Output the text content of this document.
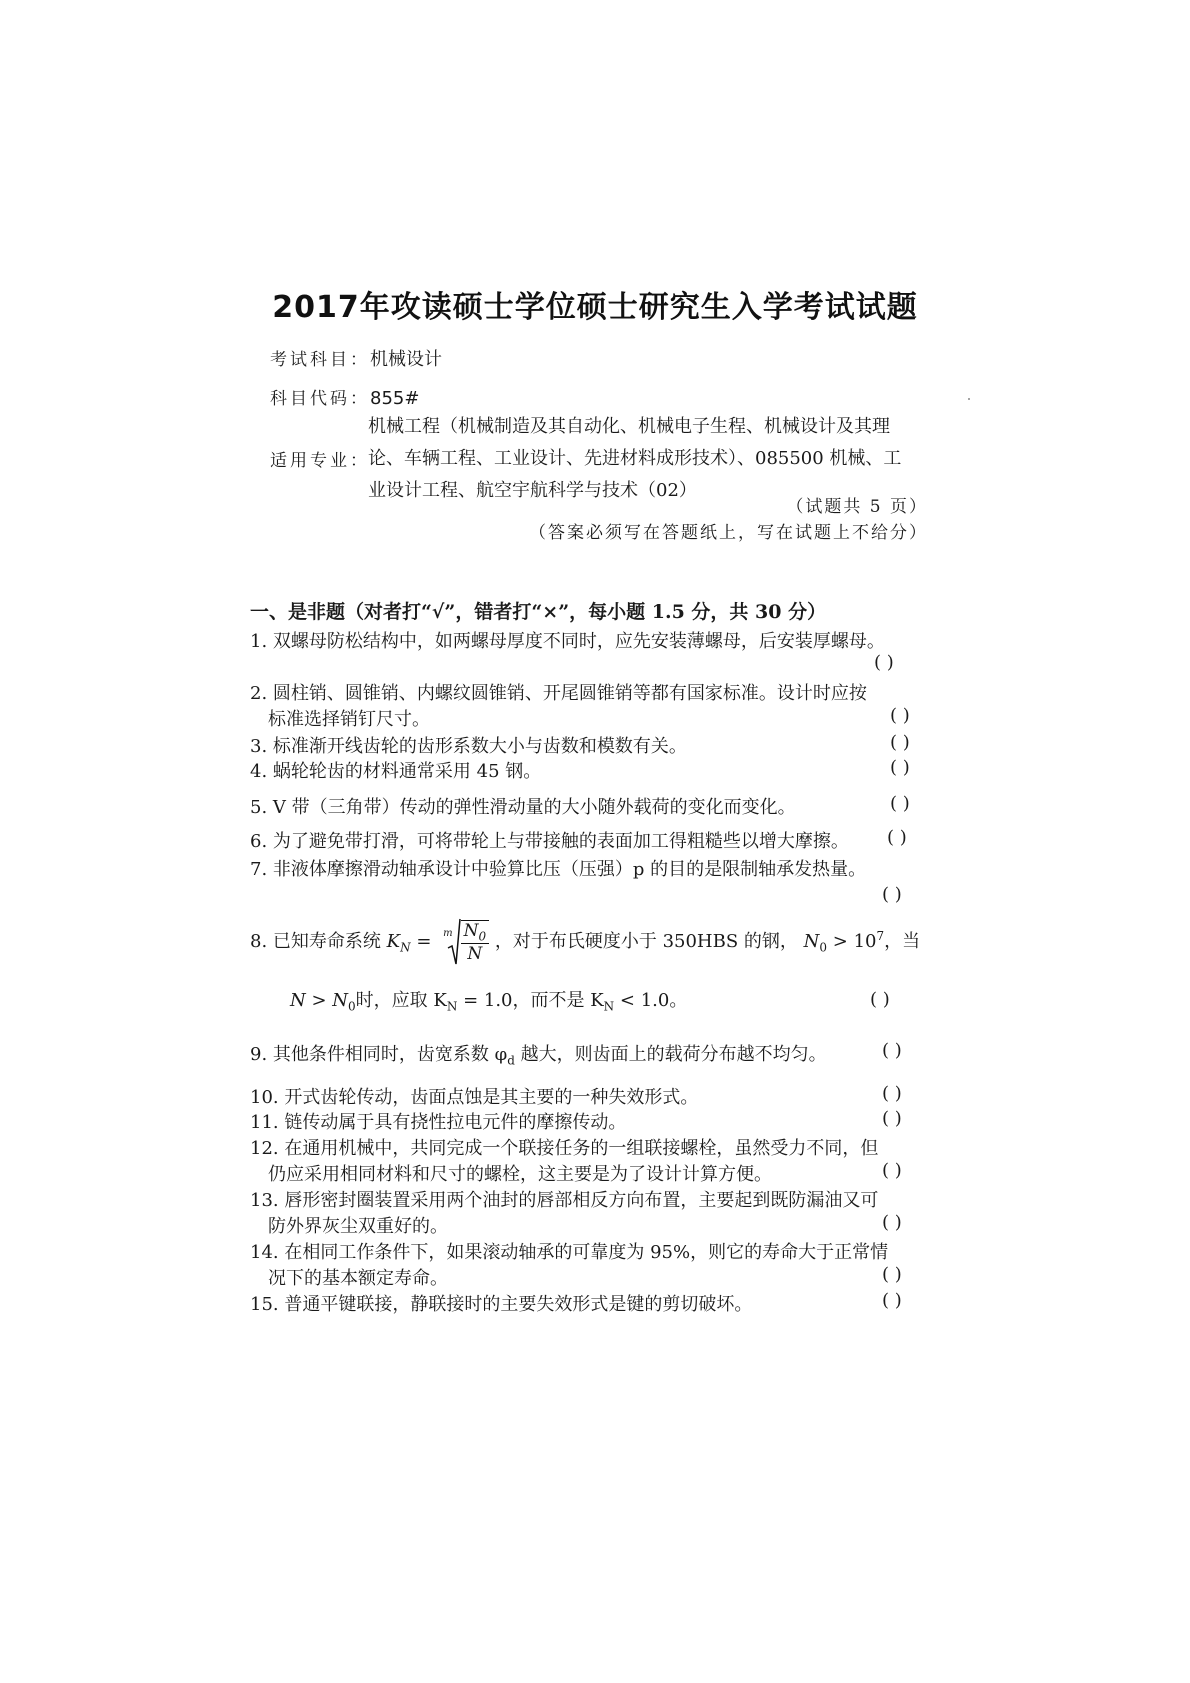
2017年攻读硕士学位硕士研究生入学考试试题
考试科目：机械设计
科目代码：855#
适用专业：
机械工程（机械制造及其自动化、机械电子生程、机械设计及其理
论、车辆工程、工业设计、先进材料成形技术）、085500 机械、工
业设计工程、航空宇航科学与技术（02）
（试题共 5 页）
（答案必须写在答题纸上，写在试题上不给分）
一、是非题（对者打“√”，错者打“×”，每小题 1.5 分，共 30 分）
1. 双螺母防松结构中，如两螺母厚度不同时，应先安装薄螺母，后安装厚螺母。
( )
2. 圆柱销、圆锥销、内螺纹圆锥销、开尾圆锥销等都有国家标准。设计时应按
标准选择销钉尺寸。	( )
3. 标准渐开线齿轮的齿形系数大小与齿数和模数有关。	( )
4. 蜗轮轮齿的材料通常采用 45 钢。	( )
5. V 带（三角带）传动的弹性滑动量的大小随外载荷的变化而变化。	( )
6. 为了避免带打滑，可将带轮上与带接触的表面加工得粗糙些以增大摩擦。 ( )
7. 非液体摩擦滑动轴承设计中验算比压（压强）p 的目的是限制轴承发热量。
( )
8. 已知寿命系统 $K_N = ^m \frac{N_0}{N}$ ，对于布氏硬度小于 350HBS 的钢， $N_0 > 10^7$，当
$N > N_0$时，应取 $K_N = 1.0$，而不是 $K_N < 1.0$。	( )
9. 其他条件相同时，齿宽系数 $\varphi_d$ 越大，则齿面上的载荷分布越不均匀。	( )
10. 开式齿轮传动，齿面点蚀是其主要的一种失效形式。	( )
11. 链传动属于具有挠性拉电元件的摩擦传动。	( )
12. 在通用机械中，共同完成一个联接任务的一组联接螺栓，虽然受力不同，但
仍应采用相同材料和尺寸的螺栓，这主要是为了设计计算方便。	( )
13. 唇形密封圈装置采用两个油封的唇部相反方向布置，主要起到既防漏油又可
防外界灰尘双重好的。	( )
14. 在相同工作条件下，如果滚动轴承的可靠度为 95%，则它的寿命大于正常情
况下的基本额定寿命。	( )
15. 普通平键联接，静联接时的主要失效形式是键的剪切破坏。	( )
